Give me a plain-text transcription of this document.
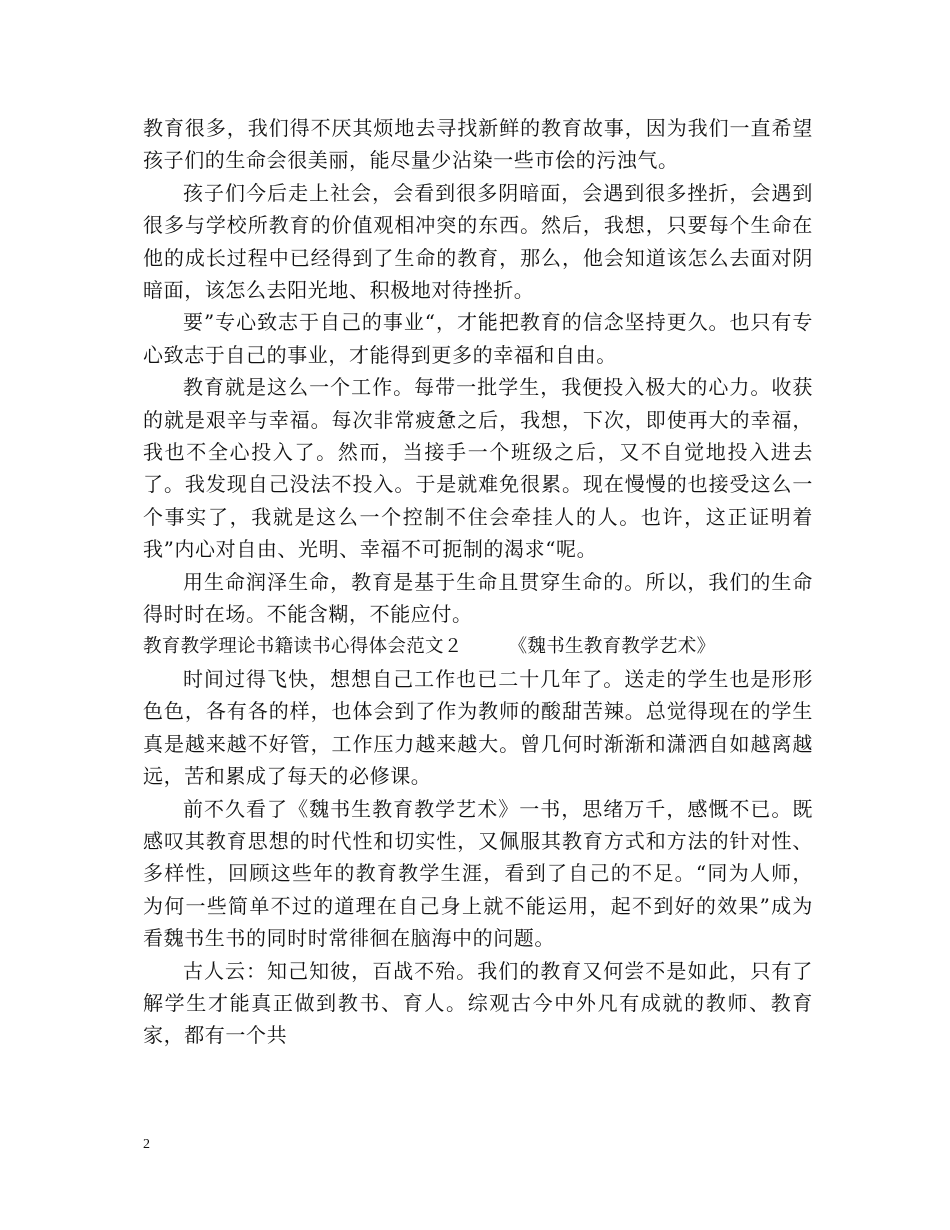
教育很多，我们得不厌其烦地去寻找新鲜的教育故事，因为我们一直希望孩子们的生命会很美丽，能尽量少沾染一些市侩的污浊气。

孩子们今后走上社会，会看到很多阴暗面，会遇到很多挫折，会遇到很多与学校所教育的价值观相冲突的东西。然后，我想，只要每个生命在他的成长过程中已经得到了生命的教育，那么，他会知道该怎么去面对阴暗面，该怎么去阳光地、积极地对待挫折。

要”专心致志于自己的事业“，才能把教育的信念坚持更久。也只有专心致志于自己的事业，才能得到更多的幸福和自由。

教育就是这么一个工作。每带一批学生，我便投入极大的心力。收获的就是艰辛与幸福。每次非常疲惫之后，我想，下次，即使再大的幸福，我也不全心投入了。然而，当接手一个班级之后，又不自觉地投入进去了。我发现自己没法不投入。于是就难免很累。现在慢慢的也接受这么一个事实了，我就是这么一个控制不住会牵挂人的人。也许，这正证明着我”内心对自由、光明、幸福不可扼制的渴求“呢。

用生命润泽生命，教育是基于生命且贯穿生命的。所以，我们的生命得时时在场。不能含糊，不能应付。

教育教学理论书籍读书心得体会范文２ 《魏书生教育教学艺术》

时间过得飞快，想想自己工作也已二十几年了。送走的学生也是形形色色，各有各的样，也体会到了作为教师的酸甜苦辣。总觉得现在的学生真是越来越不好管，工作压力越来越大。曾几何时渐渐和潇洒自如越离越远，苦和累成了每天的必修课。

前不久看了《魏书生教育教学艺术》一书，思绪万千，感慨不已。既感叹其教育思想的时代性和切实性，又佩服其教育方式和方法的针对性、多样性，回顾这些年的教育教学生涯，看到了自己的不足。“同为人师，为何一些简单不过的道理在自己身上就不能运用，起不到好的效果”成为看魏书生书的同时时常徘徊在脑海中的问题。

古人云：知己知彼，百战不殆。我们的教育又何尝不是如此，只有了解学生才能真正做到教书、育人。综观古今中外凡有成就的教师、教育家，都有一个共

2
